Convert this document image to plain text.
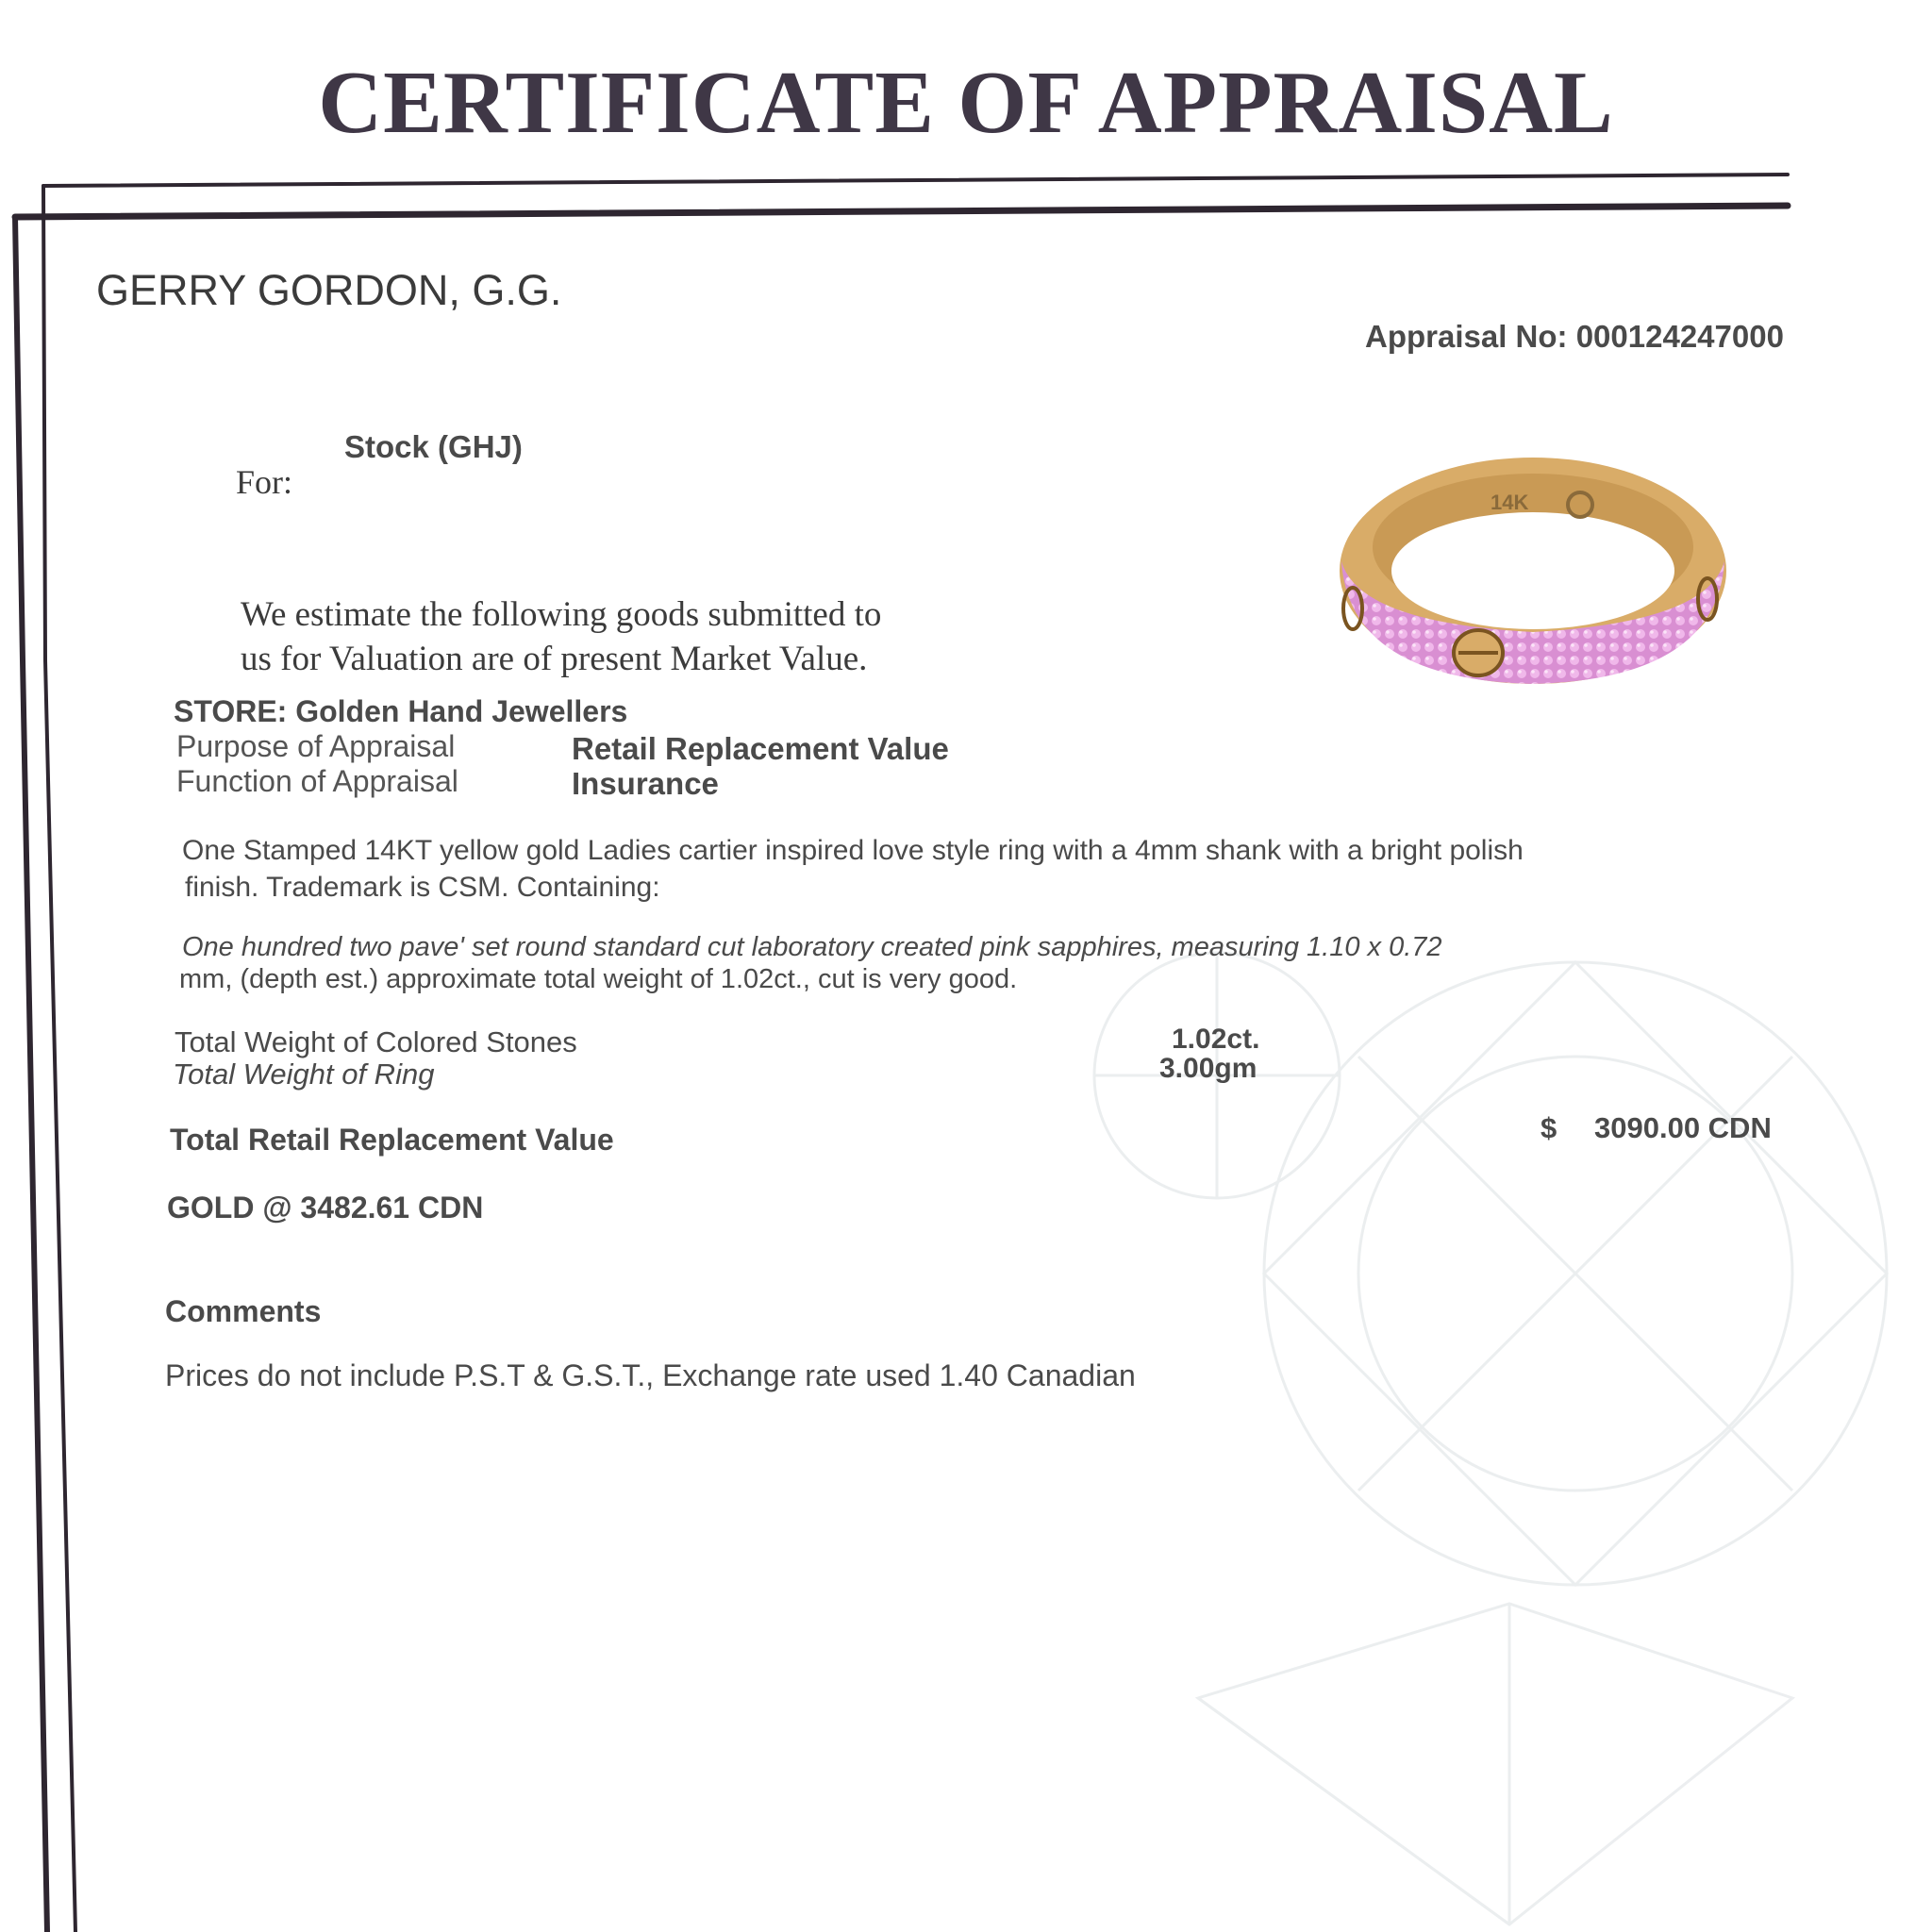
CERTIFICATE OF APPRAISAL
GERRY GORDON, G.G.
Appraisal No: 000124247000
Stock (GHJ)
For:
We estimate the following goods submitted to
us for Valuation are of present Market Value.
STORE: Golden Hand Jewellers
Purpose of Appraisal	Retail Replacement Value
Function of Appraisal	Insurance
One Stamped 14KT yellow gold Ladies cartier inspired love style ring with a 4mm shank with a bright polish
finish. Trademark is CSM. Containing:
One hundred two pave' set round standard cut laboratory created pink sapphires, measuring 1.10 x 0.72
mm, (depth est.) approximate total weight of 1.02ct., cut is very good.
Total Weight of Colored Stones	1.02ct.
Total Weight of Ring	3.00gm
Total Retail Replacement Value	$ 3090.00 CDN
GOLD @ 3482.61 CDN
Comments
Prices do not include P.S.T & G.S.T., Exchange rate used 1.40 Canadian
14K
